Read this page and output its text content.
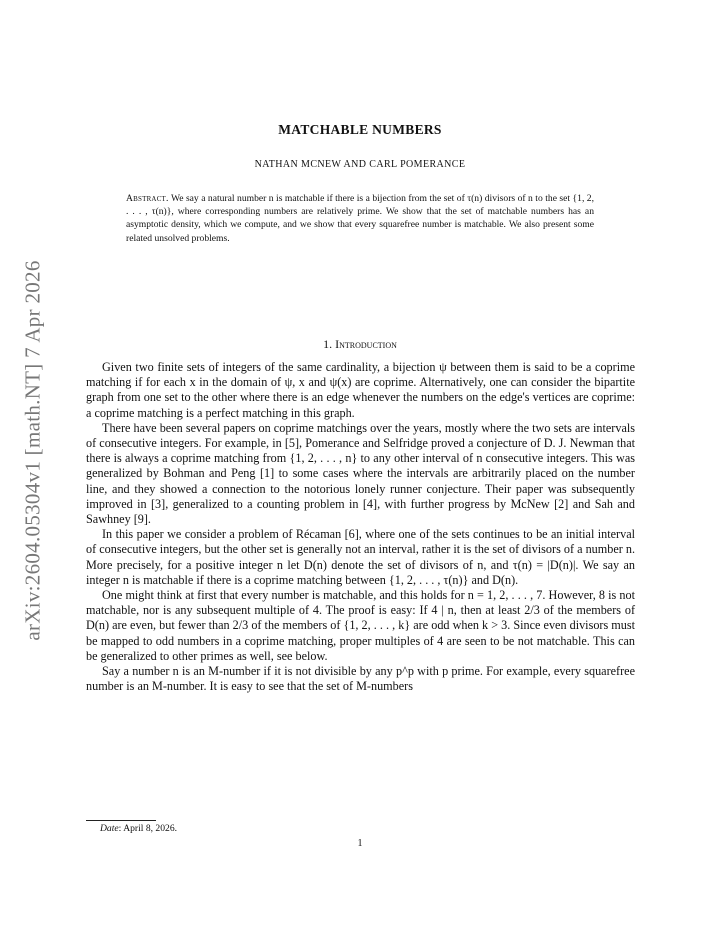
arXiv:2604.05304v1 [math.NT] 7 Apr 2026
MATCHABLE NUMBERS
NATHAN MCNEW AND CARL POMERANCE
Abstract. We say a natural number n is matchable if there is a bijection from the set of τ(n) divisors of n to the set {1, 2, . . . , τ(n)}, where corresponding numbers are relatively prime. We show that the set of matchable numbers has an asymptotic density, which we compute, and we show that every squarefree number is matchable. We also present some related unsolved problems.
1. Introduction

Given two finite sets of integers of the same cardinality, a bijection ψ between them is said to be a coprime matching if for each x in the domain of ψ, x and ψ(x) are coprime. Alternatively, one can consider the bipartite graph from one set to the other where there is an edge whenever the numbers on the edge's vertices are coprime: a coprime matching is a perfect matching in this graph.

There have been several papers on coprime matchings over the years, mostly where the two sets are intervals of consecutive integers. For example, in [5], Pomerance and Selfridge proved a conjecture of D. J. Newman that there is always a coprime matching from {1, 2, . . . , n} to any other interval of n consecutive integers. This was generalized by Bohman and Peng [1] to some cases where the intervals are arbitrarily placed on the number line, and they showed a connection to the notorious lonely runner conjecture. Their paper was subsequently improved in [3], generalized to a counting problem in [4], with further progress by McNew [2] and Sah and Sawhney [9].

In this paper we consider a problem of Récaman [6], where one of the sets continues to be an initial interval of consecutive integers, but the other set is generally not an interval, rather it is the set of divisors of a number n. More precisely, for a positive integer n let D(n) denote the set of divisors of n, and τ(n) = |D(n)|. We say an integer n is matchable if there is a coprime matching between {1, 2, . . . , τ(n)} and D(n).

One might think at first that every number is matchable, and this holds for n = 1, 2, . . . , 7. However, 8 is not matchable, nor is any subsequent multiple of 4. The proof is easy: If 4 | n, then at least 2/3 of the members of D(n) are even, but fewer than 2/3 of the members of {1, 2, . . . , k} are odd when k > 3. Since even divisors must be mapped to odd numbers in a coprime matching, proper multiples of 4 are seen to be not matchable. This can be generalized to other primes as well, see below.

Say a number n is an M-number if it is not divisible by any p^p with p prime. For example, every squarefree number is an M-number. It is easy to see that the set of M-numbers

Date: April 8, 2026.
1
